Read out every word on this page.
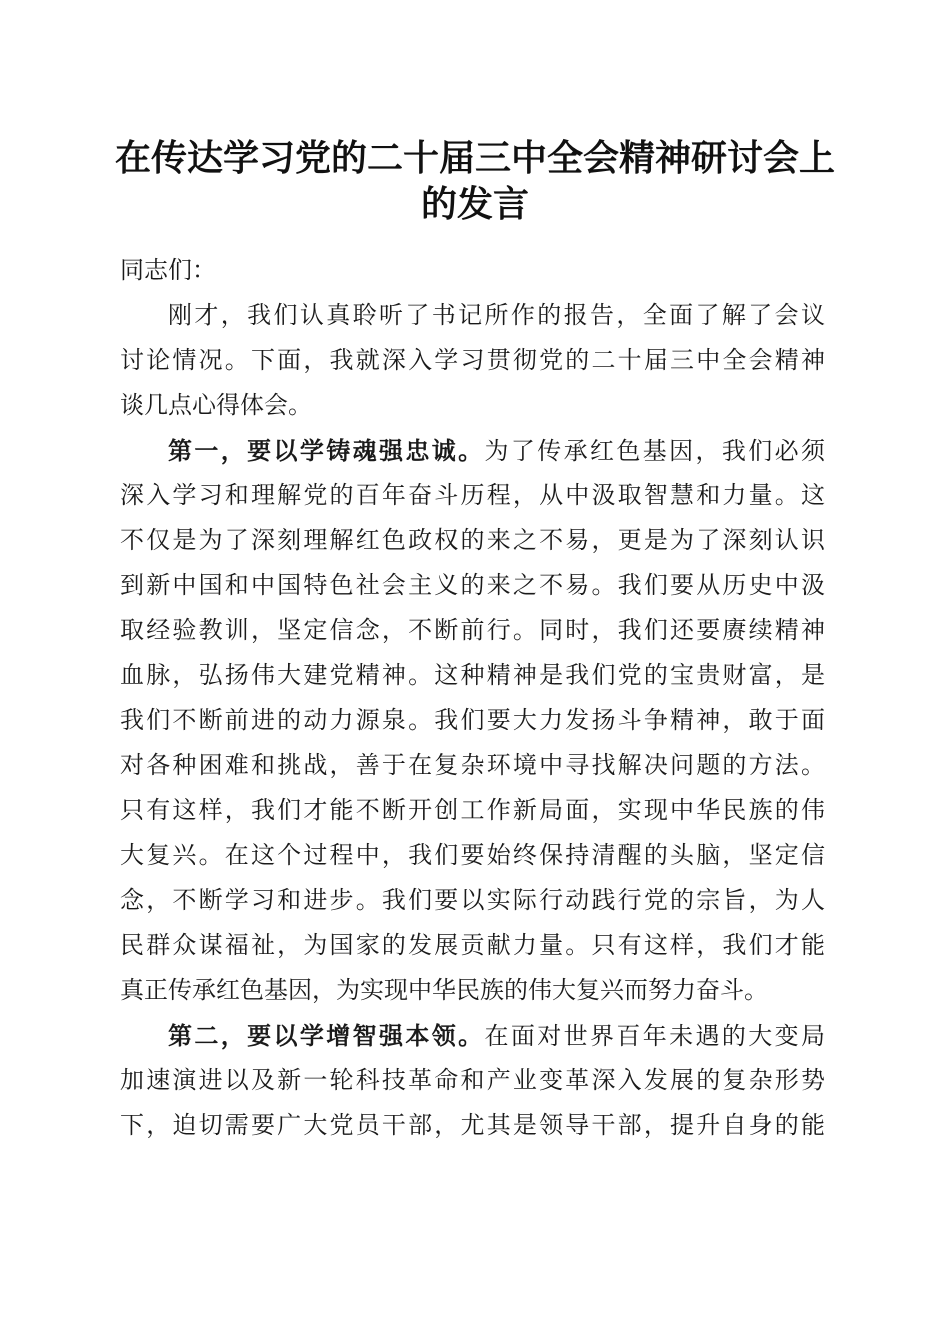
在传达学习党的二十届三中全会精神研讨会上
的发言

同志们：

刚才，我们认真聆听了书记所作的报告，全面了解了会议
讨论情况。下面，我就深入学习贯彻党的二十届三中全会精神
谈几点心得体会。
第一，要以学铸魂强忠诚。为了传承红色基因，我们必须
深入学习和理解党的百年奋斗历程，从中汲取智慧和力量。这
不仅是为了深刻理解红色政权的来之不易，更是为了深刻认识
到新中国和中国特色社会主义的来之不易。我们要从历史中汲
取经验教训，坚定信念，不断前行。同时，我们还要赓续精神
血脉，弘扬伟大建党精神。这种精神是我们党的宝贵财富，是
我们不断前进的动力源泉。我们要大力发扬斗争精神，敢于面
对各种困难和挑战，善于在复杂环境中寻找解决问题的方法。
只有这样，我们才能不断开创工作新局面，实现中华民族的伟
大复兴。在这个过程中，我们要始终保持清醒的头脑，坚定信
念，不断学习和进步。我们要以实际行动践行党的宗旨，为人
民群众谋福祉，为国家的发展贡献力量。只有这样，我们才能
真正传承红色基因，为实现中华民族的伟大复兴而努力奋斗。
第二，要以学增智强本领。在面对世界百年未遇的大变局
加速演进以及新一轮科技革命和产业变革深入发展的复杂形势
下，迫切需要广大党员干部，尤其是领导干部，提升自身的能
